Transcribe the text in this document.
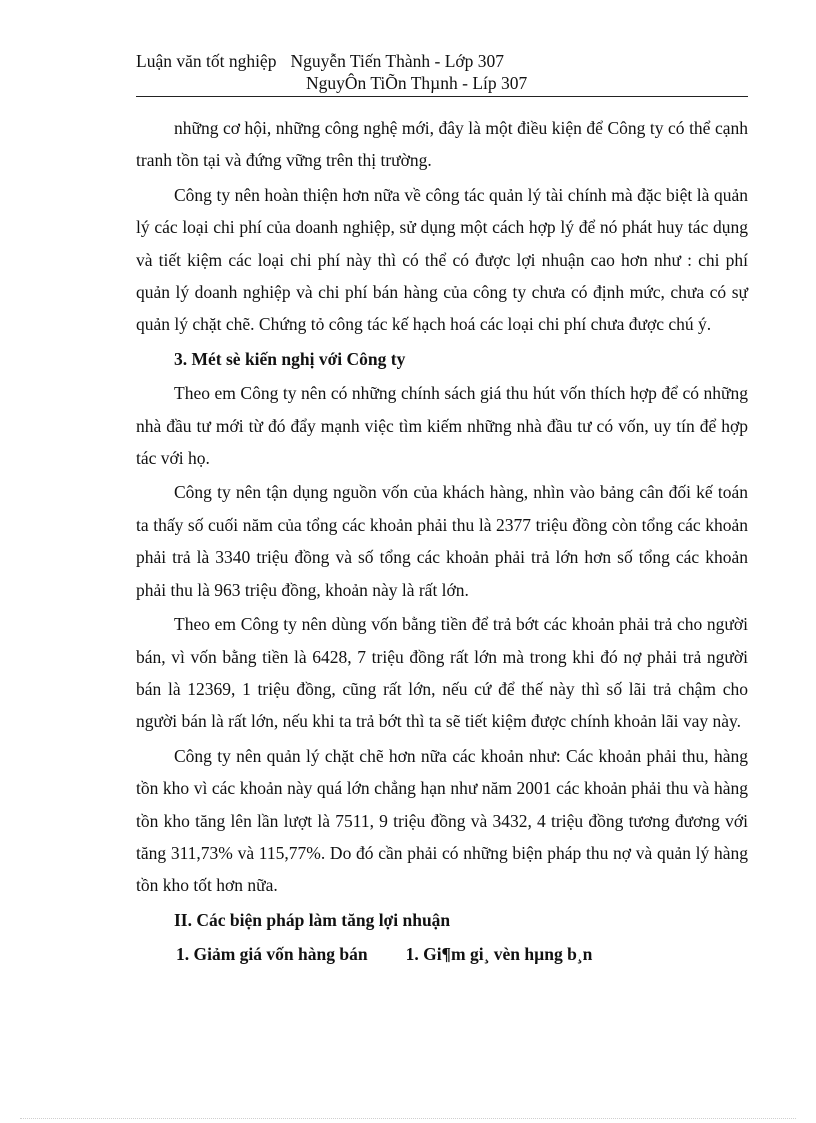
Luận văn tốt nghiệp Nguyễn Tiến Thành - Lớp 307
NguyÔn TiÕn Thµnh - Líp 307

những cơ hội, những công nghệ mới, đây là một điều kiện để Công ty có thể cạnh tranh tồn tại và đứng vững trên thị trường.

Công ty nên hoàn thiện hơn nữa về công tác quản lý tài chính mà đặc biệt là quản lý các loại chi phí của doanh nghiệp, sử dụng một cách hợp lý để nó phát huy tác dụng và tiết kiệm các loại chi phí này thì có thể có được lợi nhuận cao hơn như : chi phí quản lý doanh nghiệp và chi phí bán hàng của công ty chưa có định mức, chưa có sự quản lý chặt chẽ. Chứng tỏ công tác kế hạch hoá các loại chi phí chưa được chú ý.

3. Mét sè kiến nghị với Công ty

Theo em Công ty nên có những chính sách giá thu hút vốn thích hợp để có những nhà đầu tư mới từ đó đẩy mạnh việc tìm kiếm những nhà đầu tư có vốn, uy tín để hợp tác với họ.

Công ty nên tận dụng nguồn vốn của khách hàng, nhìn vào bảng cân đối kế toán ta thấy số cuối năm của tổng các khoản phải thu là 2377 triệu đồng còn tổng các khoản phải trả là 3340 triệu đồng và số tổng các khoản phải trả lớn hơn số tổng các khoản phải thu là 963 triệu đồng, khoản này là rất lớn.

Theo em Công ty nên dùng vốn bằng tiền để trả bớt các khoản phải trả cho người bán, vì vốn bằng tiền là 6428, 7 triệu đồng rất lớn mà trong khi đó nợ phải trả người bán là 12369, 1 triệu đồng, cũng rất lớn, nếu cứ để thế này thì số lãi trả chậm cho người bán là rất lớn, nếu khi ta trả bớt thì ta sẽ tiết kiệm được chính khoản lãi vay này.

Công ty nên quản lý chặt chẽ hơn nữa các khoản như: Các khoản phải thu, hàng tồn kho vì các khoản này quá lớn chẳng hạn như năm 2001 các khoản phải thu và hàng tồn kho tăng lên lần lượt là 7511, 9 triệu đồng và 3432, 4 triệu đồng tương đương với tăng 311,73% và 115,77%. Do đó cần phải có những biện pháp thu nợ và quản lý hàng tồn kho tốt hơn nữa.

II. Các biện pháp làm tăng lợi nhuận

1. Giảm giá vốn hàng bán 1. Gi¶m gi¸ vèn hµng b¸n
